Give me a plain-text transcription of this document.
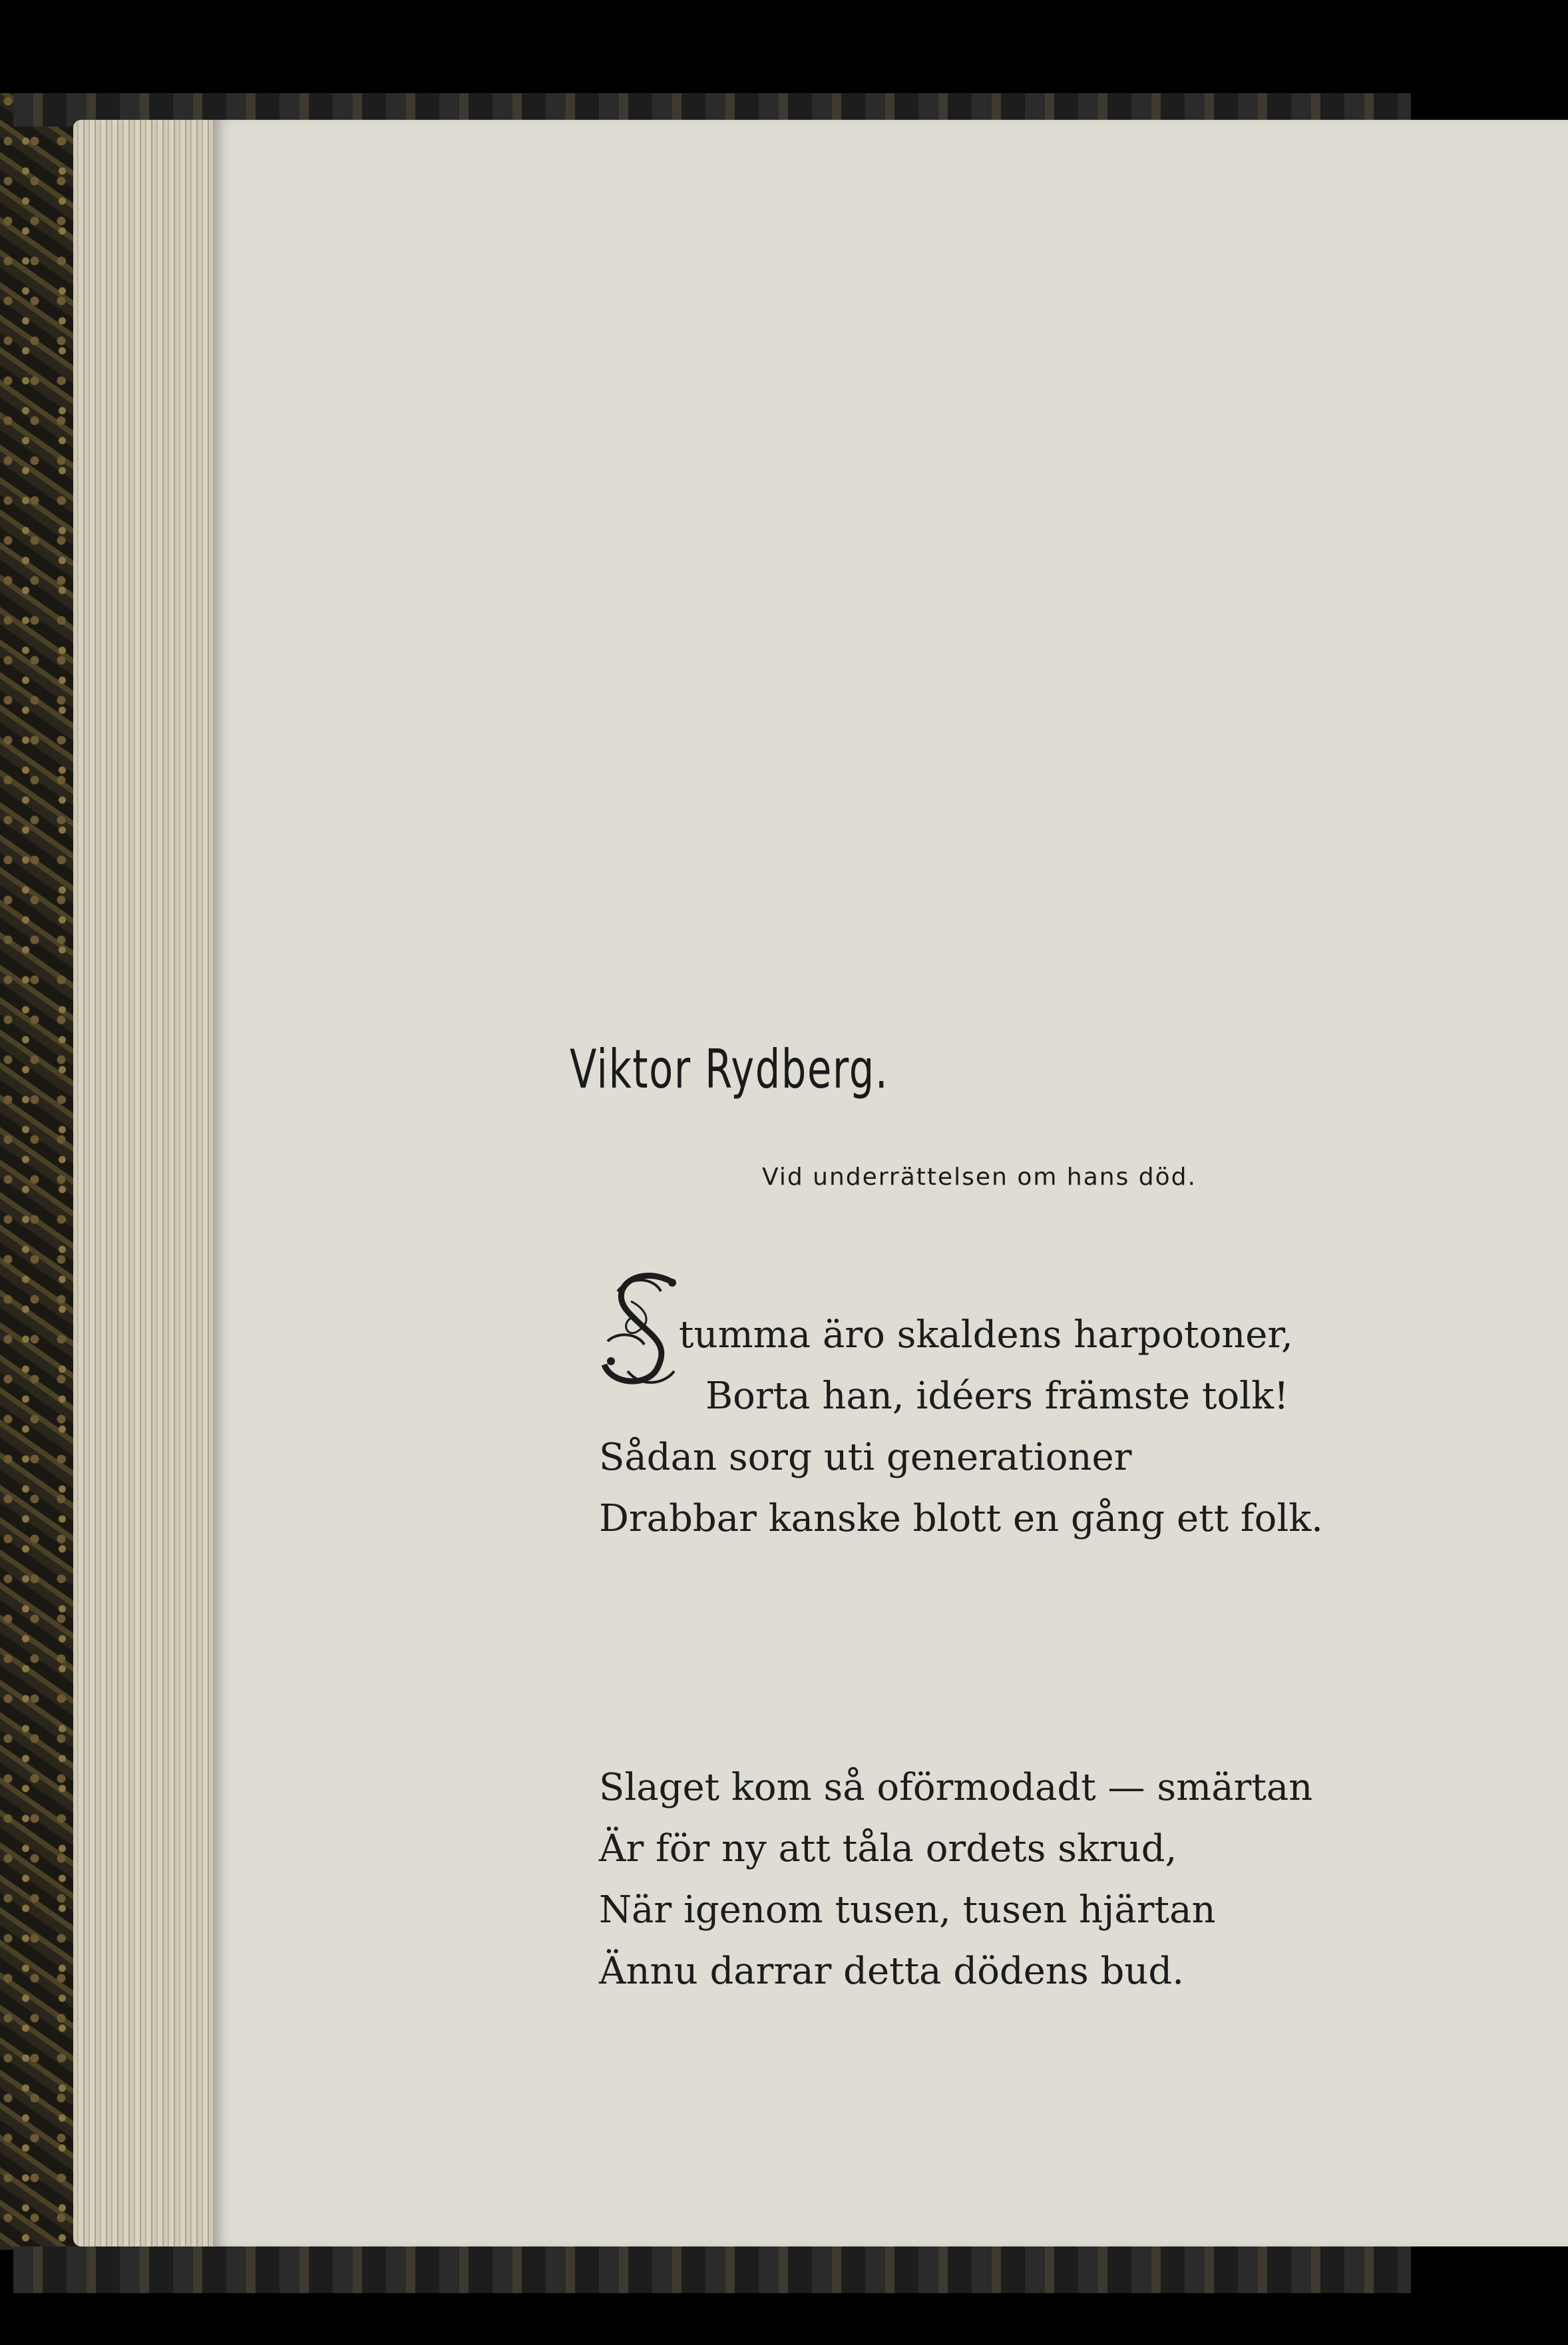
Viktor Rydberg.
Vid underrättelsen om hans död.
tumma äro skaldens harpotoner,
Borta han, idéers främste tolk!
Sådan sorg uti generationer
Drabbar kanske blott en gång ett folk.
Slaget kom så oförmodadt — smärtan
Är för ny att tåla ordets skrud,
När igenom tusen, tusen hjärtan
Ännu darrar detta dödens bud.
